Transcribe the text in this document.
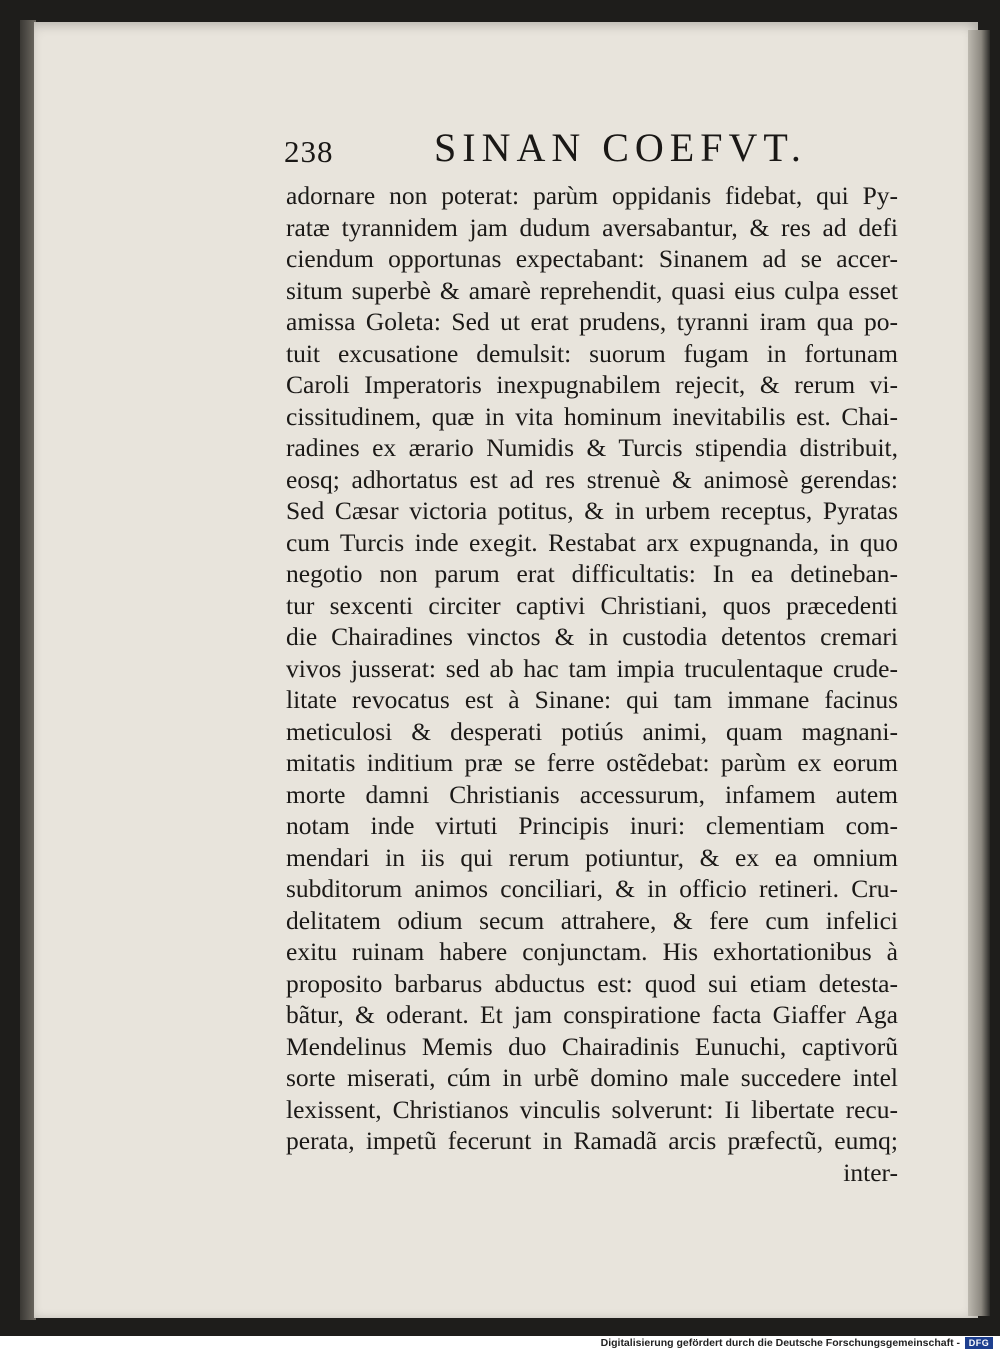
238	SINAN COEFVT.
adornare non poterat: parùm oppidanis fidebat, qui Py-
ratæ tyrannidem jam dudum aversabantur, & res ad defi
ciendum opportunas expectabant: Sinanem ad se accer-
situm superbè & amarè reprehendit, quasi eius culpa esset
amissa Goleta: Sed ut erat prudens, tyranni iram qua po-
tuit excusatione demulsit: suorum fugam in fortunam
Caroli Imperatoris inexpugnabilem rejecit, & rerum vi-
cissitudinem, quæ in vita hominum inevitabilis est. Chai-
radines ex ærario Numidis & Turcis stipendia distribuit,
eosq; adhortatus est ad res strenuè & animosè gerendas:
Sed Cæsar victoria potitus, & in urbem receptus, Pyratas
cum Turcis inde exegit. Restabat arx expugnanda, in quo
negotio non parum erat difficultatis: In ea detineban-
tur sexcenti circiter captivi Christiani, quos præcedenti
die Chairadines vinctos & in custodia detentos cremari
vivos jusserat: sed ab hac tam impia truculentaque crude-
litate revocatus est à Sinane: qui tam immane facinus
meticulosi & desperati potiús animi, quam magnani-
mitatis inditium præ se ferre ostẽdebat: parùm ex eorum
morte damni Christianis accessurum, infamem autem
notam inde virtuti Principis inuri: clementiam com-
mendari in iis qui rerum potiuntur, & ex ea omnium
subditorum animos conciliari, & in officio retineri. Cru-
delitatem odium secum attrahere, & fere cum infelici
exitu ruinam habere conjunctam. His exhortationibus à
proposito barbarus abductus est: quod sui etiam detesta-
bãtur, & oderant. Et jam conspiratione facta Giaffer Aga
Mendelinus Memis duo Chairadinis Eunuchi, captivorũ
sorte miserati, cúm in urbẽ domino male succedere intel
lexissent, Christianos vinculis solverunt: Ii libertate recu-
perata, impetũ fecerunt in Ramadã arcis præfectũ, eumq;
inter-
Digitalisierung gefördert durch die Deutsche Forschungsgemeinschaft - DFG
